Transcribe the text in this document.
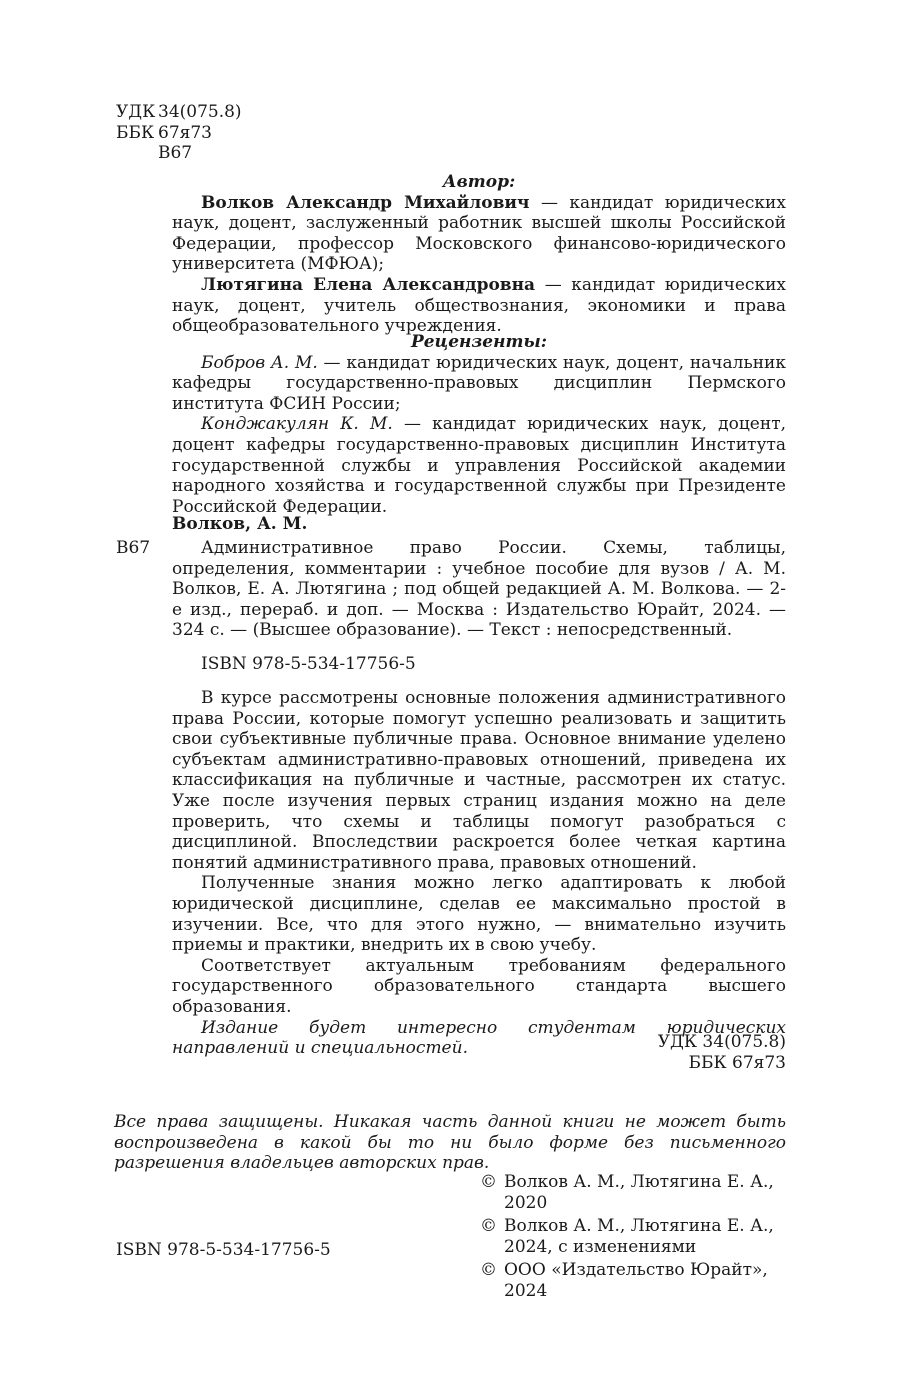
УДК 34(075.8)
ББК 67я73
В67

Автор:

Волков Александр Михайлович — кандидат юридических наук, доцент, заслуженный работник высшей школы Российской Федерации, профессор Московского финансово-юридического университета (МФЮА);

Лютягина Елена Александровна — кандидат юридических наук, доцент, учитель обществознания, экономики и права общеобразовательного учреждения.

Рецензенты:

Бобров А. М. — кандидат юридических наук, доцент, начальник кафедры государственно-правовых дисциплин Пермского института ФСИН России;

Конджакулян К. М. — кандидат юридических наук, доцент, доцент кафедры государственно-правовых дисциплин Института государственной службы и управления Российской академии народного хозяйства и государственной службы при Президенте Российской Федерации.

Волков, А. М.

В67	Административное право России. Схемы, таблицы, определения, комментарии : учебное пособие для вузов / А. М. Волков, Е. А. Лютягина ; под общей редакцией А. М. Волкова. — 2-е изд., перераб. и доп. — Москва : Издательство Юрайт, 2024. — 324 с. — (Высшее образование). — Текст : непосредственный.

ISBN 978-5-534-17756-5

В курсе рассмотрены основные положения административного права России, которые помогут успешно реализовать и защитить свои субъективные публичные права. Основное внимание уделено субъектам административно-правовых отношений, приведена их классификация на публичные и частные, рассмотрен их статус. Уже после изучения первых страниц издания можно на деле проверить, что схемы и таблицы помогут разобраться с дисциплиной. Впоследствии раскроется более четкая картина понятий административного права, правовых отношений.

Полученные знания можно легко адаптировать к любой юридической дисциплине, сделав ее максимально простой в изучении. Все, что для этого нужно, — внимательно изучить приемы и практики, внедрить их в свою учебу.

Соответствует актуальным требованиям федерального государственного образовательного стандарта высшего образования.

Издание будет интересно студентам юридических направлений и специальностей.	УДК 34(075.8)

ББК 67я73

Все права защищены. Никакая часть данной книги не может быть воспроизведена в какой бы то ни было форме без письменного разрешения владельцев авторских прав.
ISBN 978-5-534-17756-5
© Волков А. М., Лютягина Е. А., 2020
© Волков А. М., Лютягина Е. А., 2024, с изменениями
© ООО «Издательство Юрайт», 2024
